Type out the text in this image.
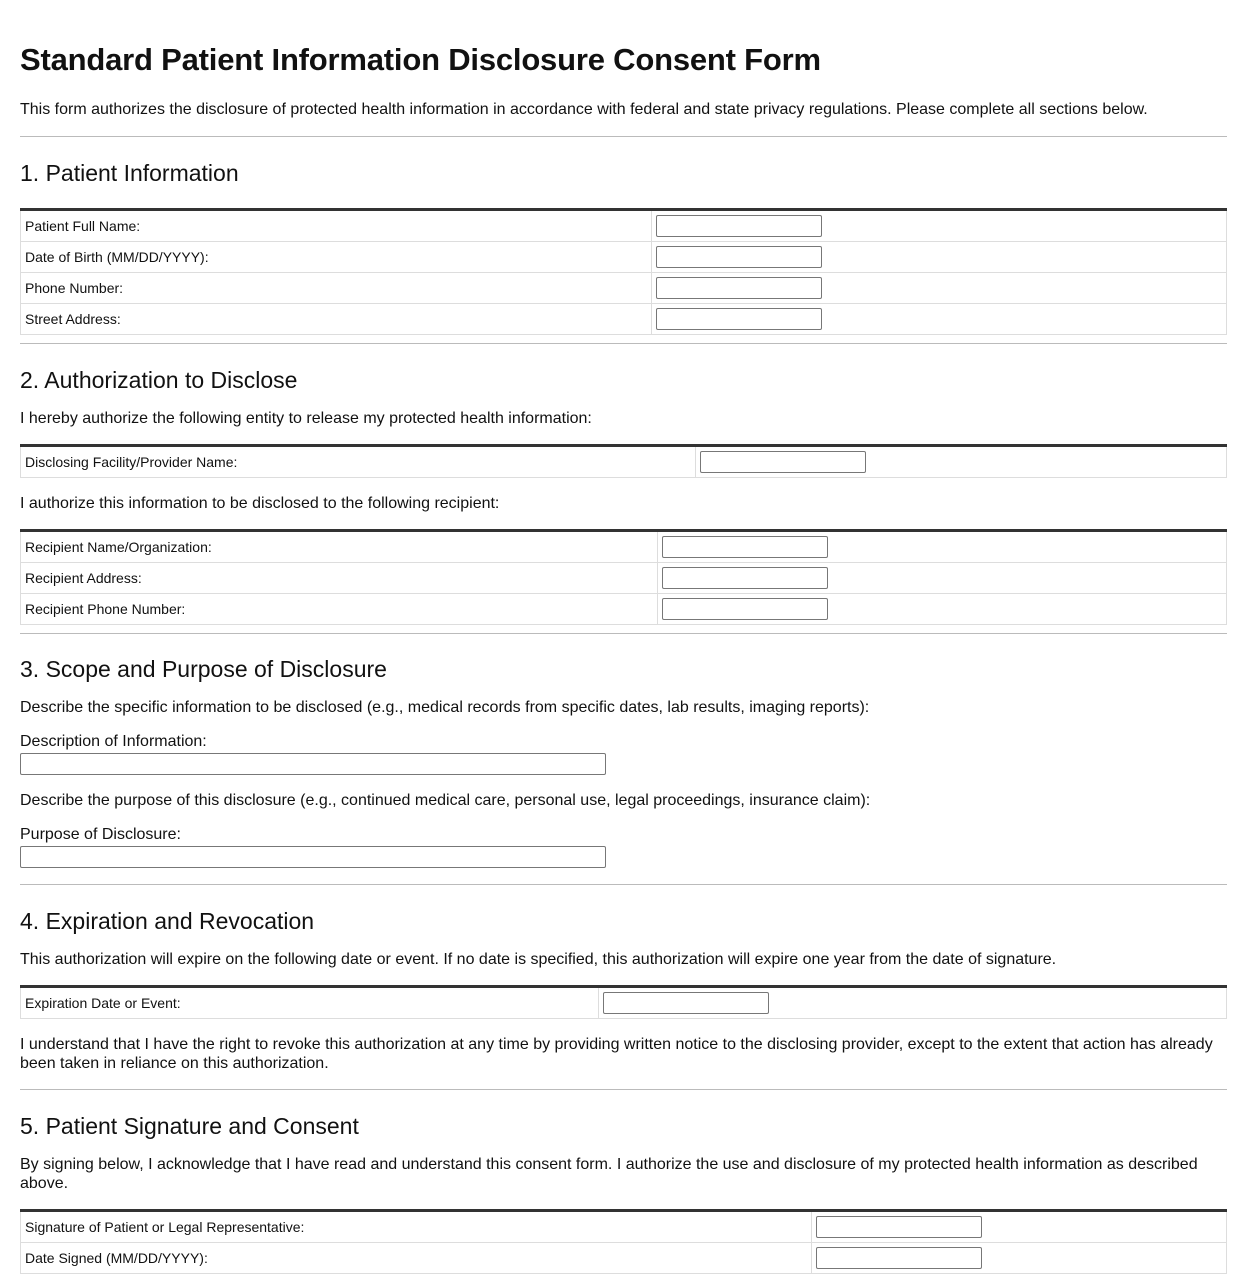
Standard Patient Information Disclosure Consent Form

This form authorizes the disclosure of protected health information in accordance with federal and state privacy regulations. Please complete all sections below.

1. Patient Information
Patient Full Name:	

Date of Birth (MM/DD/YYYY):	

Phone Number:	

Street Address:	
2. Authorization to Disclose

I hereby authorize the following entity to release my protected health information:

Disclosing Facility/Provider Name:	

I authorize this information to be disclosed to the following recipient:

Recipient Name/Organization:	

Recipient Address:	

Recipient Phone Number:	
3. Scope and Purpose of Disclosure

Describe the specific information to be disclosed (e.g., medical records from specific dates, lab results, imaging reports):

Description of Information:

Describe the purpose of this disclosure (e.g., continued medical care, personal use, legal proceedings, insurance claim):

Purpose of Disclosure:
4. Expiration and Revocation

This authorization will expire on the following date or event. If no date is specified, this authorization will expire one year from the date of signature.

Expiration Date or Event:	

I understand that I have the right to revoke this authorization at any time by providing written notice to the disclosing provider, except to the extent that action has already been taken in reliance on this authorization.

5. Patient Signature and Consent

By signing below, I acknowledge that I have read and understand this consent form. I authorize the use and disclosure of my protected health information as described above.

Signature of Patient or Legal Representative:	

Date Signed (MM/DD/YYYY):	
